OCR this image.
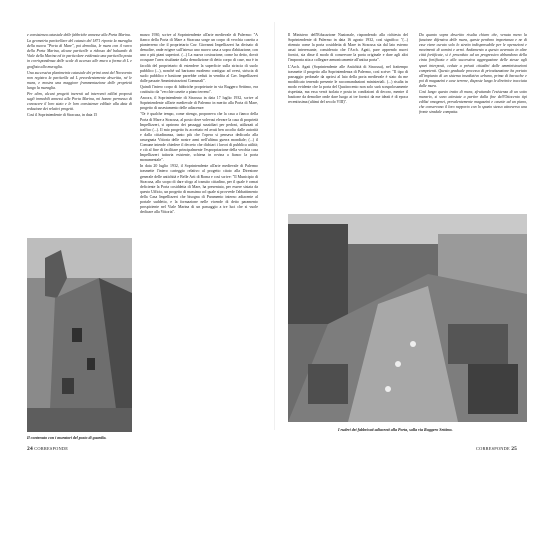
e consistenza catastale delle fabbriche annesse alla Porta Marina.

La geometria particellare del catasto del 1871 riporta la muraglia della nuova "Porta di Mare", poi demolita, le mura con il varco della Porta Marina, alcune particelle a ridosso del baluardo di Viale della Marina ed in particolare evidenzia una particella posta in corrispondenza delle scale di accesso alle mura a forma di L e graffata alla muraglia.

Una successiva planimetria catastale dei primi anni del Novecento non registra la particella ad L precedentemente descritta, né le mura, e mostra una maggiore frammentazione delle proprietà lungo la muraglia.

Per altro, alcuni progetti inerenti ad interventi edilizi proposti sugli immobili annessi alla Porta Marina, mi hanno permesso di conoscere il loro stato e le loro consistenze edilizie alla data di redazione dei relativi progetti.

Così il Soprintendente di Siracusa, in data 15

marzo 1930, scrive al Soprintendente all'arte medievale di Palermo: "A fianco della Porta di Mare a Siracusa sorge un corpo di vecchia casetta a pianterreno che il proprietario Cav. Giovanni Impellizzeri ha divisato di demolire, onde erigere sull'istesso uno nuovo casa a sopra d'abitazione, con uno o più piani superiori. (...) La nuova costruzione, come ha detto, dovrà occupare l'area risultante dalla demolizione di detto corpo di case, ma è in facoltà del proprietario di estendere la superficie sulla striscia di suolo pubblico (...), nonché sul baricano moderno contiguo ad ovest, striscia di suolo pubblico e bastione parrebbe ceduti in vendita al Cav. Impellizzeri dalle passate Amministrazioni Comunali".

Quindi l'intero corpo di fabbriche proprietarie in via Ruggero Settimo, era costituito da "vecchie casette a piano terreno".

Ancora, il Soprintendente di Siracusa in data 17 luglio 1932, scrive al Soprintendente all'arte medievale di Palermo in merito alla Porta di Mare, progetto di assestamento delle adiacenze:

"Or è qualche tempo, come ritengo, proponeva che la casa a fianco della Porta di Mare a Siracusa, al posto dove volevasi elevare la casa di proprietà Impellizzeri, si aprirono dei passaggi sussidiari per pedoni, utilizzati al traffico (...). Il mio progetto fu accettato ed avuti ben accolto dalle autorità e dalla cittadinanza, tanto più che l'opera si pensava dedicarla alla rassegnata Vittoria delle nostre armi nell'ultima guerra mondiale; (...) il Comune intende chiedere il decreto che dichiari i lavori di pubblica utilità; e ciò al fine di facilitare principalmente l'espropriazione della vecchia casa Impellizzeri tuttavia esistente, schiena in rovina a fianco la porta monumentale".

In data 20 luglio 1932, il Soprintendente all'arte medievale di Palermo trasmette l'intero carteggio relativo al progetto citato alla Direzione generale delle antichità e Belle Arti di Roma e così scrive: "Il Municipio di Siracusa, allo scopo di dare sfogo al transito cittadino, per il quale è ormai deficiente la Porta cosiddetta di Mare, ha presentato, per essere sistata da questo Ufficio, un progetto di massima col quale si provvede l'abbattimento della Casa Impellizzeri che bisogna di Paramento interno adiacente al portale suddetto, e la formazione nelle vicende di detto paramento prospiciente nel Viale Marina di un passaggio a tre luci che si vuole dedicare alla Vittoria".

Il contenuto con i muratori del posto di guardia.
24 CORRESPONDE

Il Ministero dell'Educazione Nazionale, rispondendo alla richiesta del Soprintendente di Palermo in data 16 agosto 1932, così significa: "(...) ritenuto come la porta cosiddetta di Mare in Siracusa sia dal lato esterno assai interessante, considerato che l'Arch. Agati, pare apprendo nuovi fornici, sia disse il modo di conservare la porta originale e dare agli altri l'impronta atta a collegare armonicamente all'antica porta".

L'Arch. Agati (Soprintendente alle Antichità di Siracusa), nel frattempo trasmette il progetto alla Soprintendenza di Palermo, così scrive: "Il tipo di passaggio pedonale da aprirsi al lato della porta medievale è stato da me modificato tenendo presente le raccomandazioni ministeriali. (...) risulta in modo evidente che la porta del Quattrocento non solo sarà scrupolosamente rispettata, ma essa verrà isolata e posta in condizioni di decoro, mentre il bastione da demolire onde dare luogo ai tre fornici da me ideati è di epoca recentissima (ultimi del secolo VIII)".

Da quanto sopra descritto risulta chiaro che, venuta meno la funzione difensiva delle mura, queste perdono importanza e ne di esse viene curato solo lo stretto indispensabile per le operazioni e movimenti di uomini e armi. Andamento a questo avvenuto in altre città fortificate, si è proceduto ad un progressivo abbandono della cinta fortificata e alla successiva aggregazione delle stesse agli spazi interposti, cedute a privati cittadini dalle amministrazioni competenti. Questo graduale processo di privatizzazione ha portato all'impianto di un sistema insediativo urbano, prima di baracche e poi di magazzini e case terrene, disposte lungo le direttrice tracciata dalle mura.

Così lungo questo tratto di mura, sfruttando l'esistenza di un sotto murario, si sono attestate a partire dalla fine dell'Ottocento tipi edilizi omogenei, prevalentemente magazzini e casette ad un piano, che conservano il loro rapporto con lo spazio stesso attraverso una fronte stradale compatta.

I ruderi dei fabbricati adiacenti alla Porta, sulla via Ruggero Settimo.
CORRESPONDE 25
